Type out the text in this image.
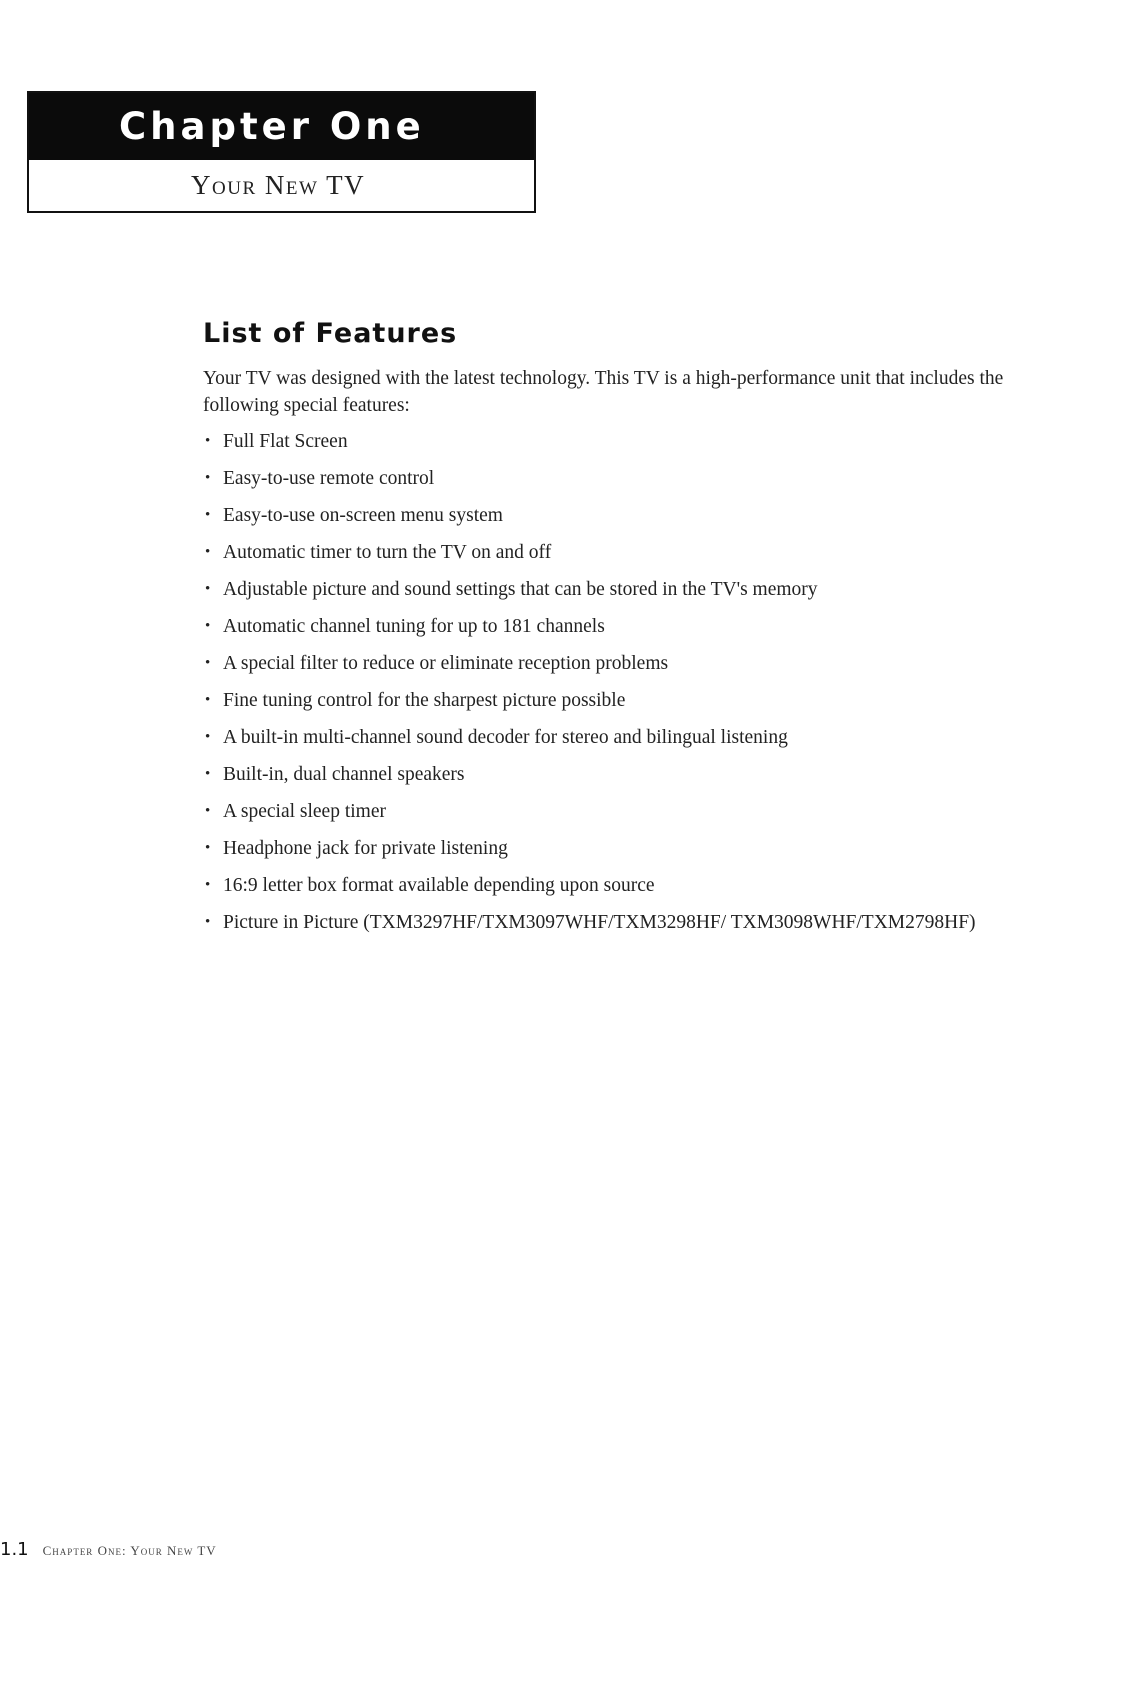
Chapter One
Your New TV
List of Features

Your TV was designed with the latest technology. This TV is a high-performance unit that includes the following special features:

• Full Flat Screen
• Easy-to-use remote control
• Easy-to-use on-screen menu system
• Automatic timer to turn the TV on and off
• Adjustable picture and sound settings that can be stored in the TV's memory
• Automatic channel tuning for up to 181 channels
• A special filter to reduce or eliminate reception problems
• Fine tuning control for the sharpest picture possible
• A built-in multi-channel sound decoder for stereo and bilingual listening
• Built-in, dual channel speakers
• A special sleep timer
• Headphone jack for private listening
• 16:9 letter box format available depending upon source
• Picture in Picture (TXM3297HF/TXM3097WHF/TXM3298HF/ TXM3098WHF/TXM2798HF)
1.1 Chapter One: Your New TV
